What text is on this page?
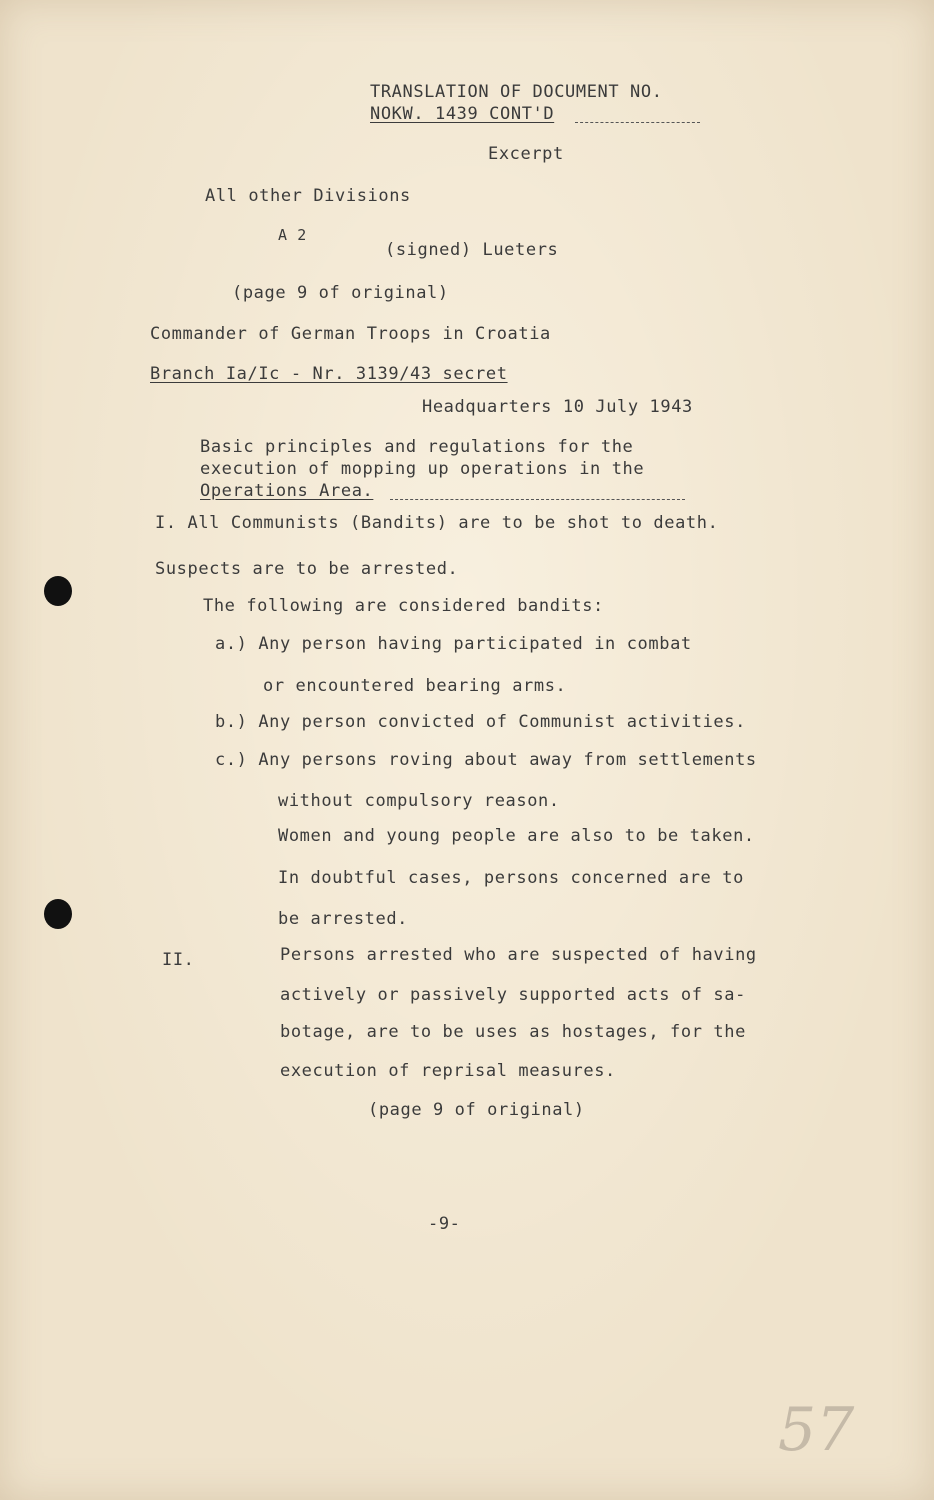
TRANSLATION OF DOCUMENT NO.
NOKW. 1439 CONT'D
Excerpt
All other Divisions
A 2
(signed) Lueters
(page 9 of original)
Commander of German Troops in Croatia
Branch Ia/Ic - Nr. 3139/43 secret
Headquarters 10 July 1943
Basic principles and regulations for the
execution of mopping up operations in the
Operations Area.
I. All Communists (Bandits) are to be shot to death.
Suspects are to be arrested.
The following are considered bandits:
a.) Any person having participated in combat
or encountered bearing arms.
b.) Any person convicted of Communist activities.
c.) Any persons roving about away from settlements
without compulsory reason.
Women and young people are also to be taken.
In doubtful cases, persons concerned are to
be arrested.
II.	Persons arrested who are suspected of having
actively or passively supported acts of sa-
botage, are to be uses as hostages, for the
execution of reprisal measures.
(page 9 of original)
-9-
57
